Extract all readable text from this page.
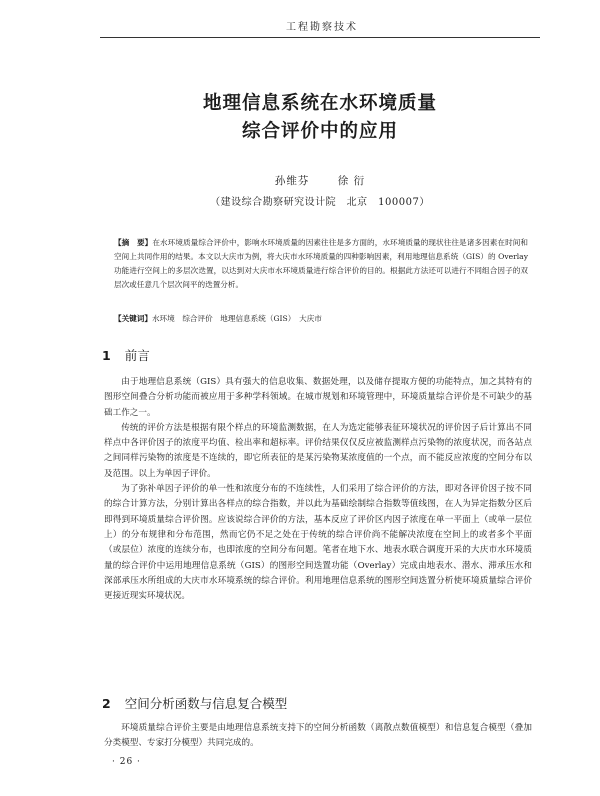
工程勘察技术
地理信息系统在水环境质量
综合评价中的应用
孙维芬	徐 衍
（建设综合勘察研究设计院　北京　100007）
【摘　要】在水环境质量综合评价中，影响水环境质量的因素往往是多方面的，水环境质量的现状往往是诸多因素在时间和空间上共同作用的结果。本文以大庆市为例，将大庆市水环境质量的四种影响因素，利用地理信息系统（GIS）的 Overlay 功能进行空间上的多层次迭置，以达到对大庆市水环境质量进行综合评价的目的。根据此方法还可以进行不同组合因子的双层次或任意几个层次间平的迭置分析。
【关键词】水环境　综合评价　地理信息系统（GIS）　大庆市
1 前言

由于地理信息系统（GIS）具有强大的信息收集、数据处理，以及储存提取方便的功能特点，加之其特有的图形空间叠合分析功能而被应用于多种学科领域。在城市规划和环境管理中，环境质量综合评价是不可缺少的基础工作之一。

传统的评价方法是根据有限个样点的环境监测数据，在人为选定能够表征环境状况的评价因子后计算出不同样点中各评价因子的浓度平均值、检出率和超标率。评价结果仅仅反应被监测样点污染物的浓度状况，而各站点之间同样污染物的浓度是不连续的，即它所表征的是某污染物某浓度值的一个点，而不能反应浓度的空间分布以及范围。以上为单因子评价。

为了弥补单因子评价的单一性和浓度分布的不连续性，人们采用了综合评价的方法，即对各评价因子按不同的综合计算方法，分别计算出各样点的综合指数，并以此为基础绘制综合指数等值线图，在人为异定指数分区后即得到环境质量综合评价图。应该说综合评价的方法，基本反应了评价区内因子浓度在单一平面上（或单一层位上）的分布规律和分布范围，然而它仍不足之处在于传统的综合评价尚不能解决浓度在空间上的或者多个平面（或层位）浓度的连续分布，也即浓度的空间分布问题。笔者在地下水、地表水联合调度开采的大庆市水环境质量的综合评价中运用地理信息系统（GIS）的图形空间迭置功能（Overlay）完成由地表水、潜水、滞承压水和深部承压水所组成的大庆市水环境系统的综合评价。利用地理信息系统的图形空间迭置分析使环境质量综合评价更接近现实环境状况。

2 空间分析函数与信息复合模型

环境质量综合评价主要是由地理信息系统支持下的空间分析函数（离散点数值模型）和信息复合模型（叠加分类模型、专家打分模型）共同完成的。

· 26 ·
